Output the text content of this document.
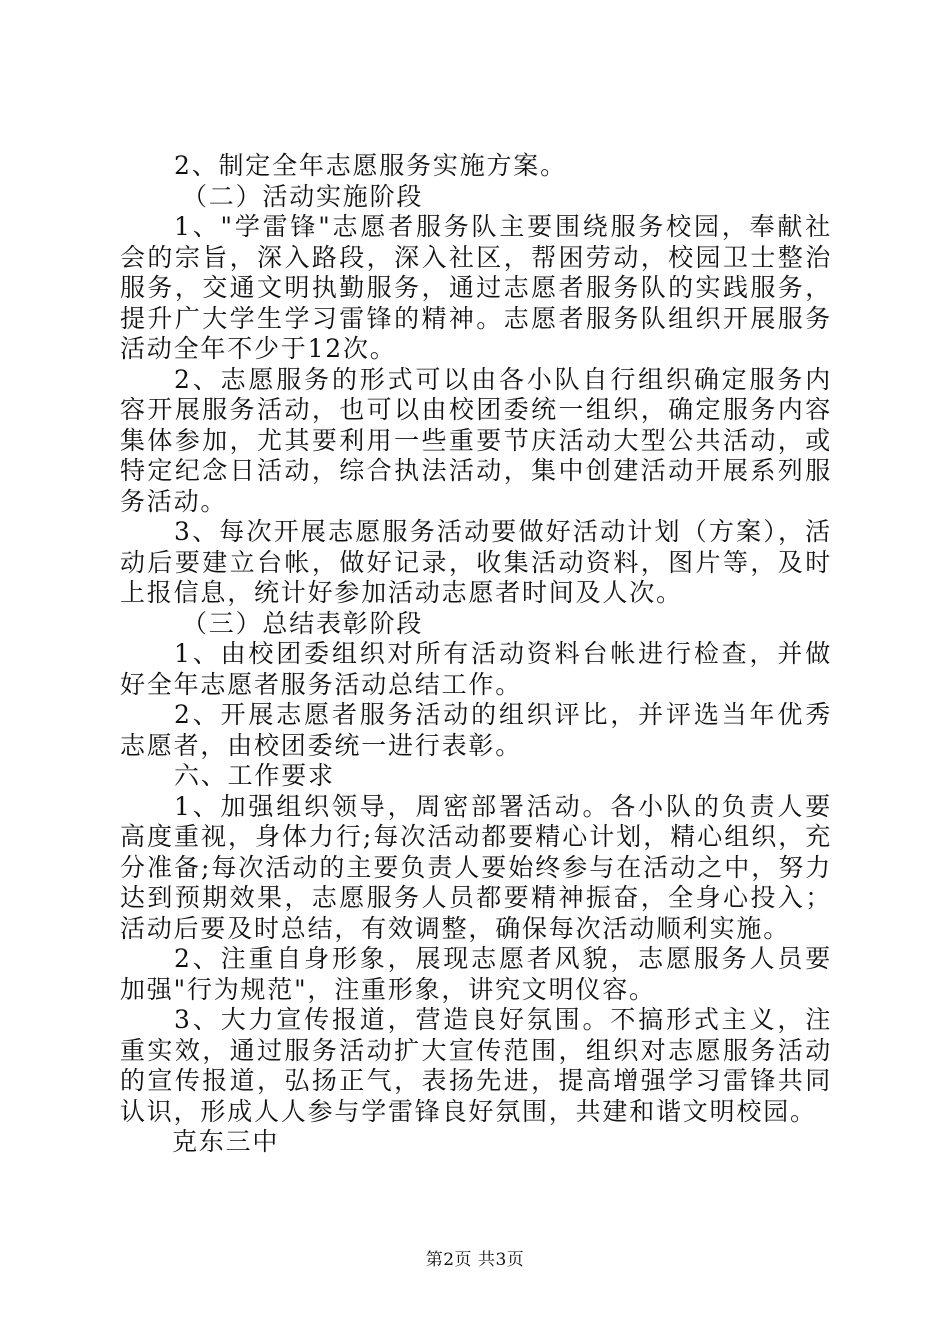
2、制定全年志愿服务实施方案。

（二）活动实施阶段

1、"学雷锋"志愿者服务队主要围绕服务校园，奉献社会的宗旨，深入路段，深入社区，帮困劳动，校园卫士整治服务，交通文明执勤服务，通过志愿者服务队的实践服务，提升广大学生学习雷锋的精神。志愿者服务队组织开展服务活动全年不少于12次。

2、志愿服务的形式可以由各小队自行组织确定服务内容开展服务活动，也可以由校团委统一组织，确定服务内容集体参加，尤其要利用一些重要节庆活动大型公共活动，或特定纪念日活动，综合执法活动，集中创建活动开展系列服务活动。

3、每次开展志愿服务活动要做好活动计划（方案），活动后要建立台帐，做好记录，收集活动资料，图片等，及时上报信息，统计好参加活动志愿者时间及人次。

（三）总结表彰阶段

1、由校团委组织对所有活动资料台帐进行检查，并做好全年志愿者服务活动总结工作。

2、开展志愿者服务活动的组织评比，并评选当年优秀志愿者，由校团委统一进行表彰。

六、工作要求

1、加强组织领导，周密部署活动。各小队的负责人要高度重视，身体力行;每次活动都要精心计划，精心组织，充分准备;每次活动的主要负责人要始终参与在活动之中，努力达到预期效果，志愿服务人员都要精神振奋，全身心投入；活动后要及时总结，有效调整，确保每次活动顺利实施。

2、注重自身形象，展现志愿者风貌，志愿服务人员要加强"行为规范"，注重形象，讲究文明仪容。

3、大力宣传报道，营造良好氛围。不搞形式主义，注重实效，通过服务活动扩大宣传范围，组织对志愿服务活动的宣传报道，弘扬正气，表扬先进，提高增强学习雷锋共同认识，形成人人参与学雷锋良好氛围，共建和谐文明校园。

克东三中

第2页 共3页
